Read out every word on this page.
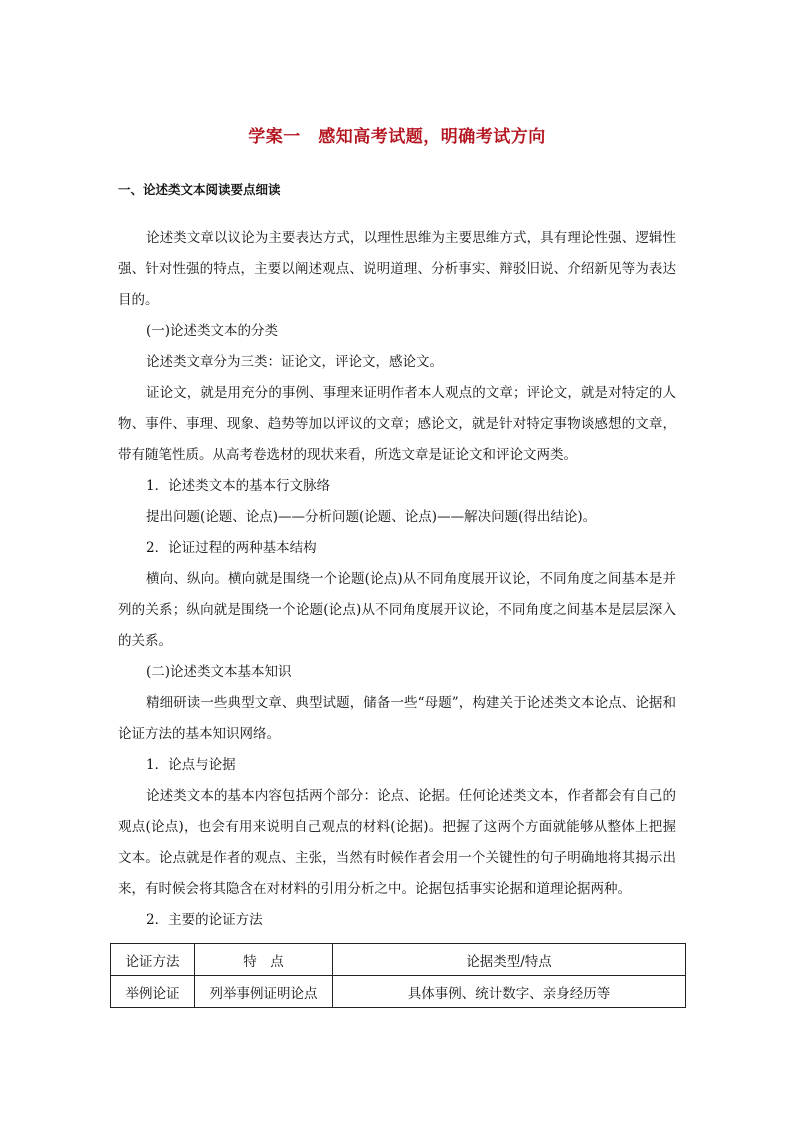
学案一　感知高考试题，明确考试方向
一、论述类文本阅读要点细读

论述类文章以议论为主要表达方式，以理性思维为主要思维方式，具有理论性强、逻辑性强、针对性强的特点，主要以阐述观点、说明道理、分析事实、辩驳旧说、介绍新见等为表达目的。

(一)论述类文本的分类

论述类文章分为三类：证论文，评论文，感论文。

证论文，就是用充分的事例、事理来证明作者本人观点的文章；评论文，就是对特定的人物、事件、事理、现象、趋势等加以评议的文章；感论文，就是针对特定事物谈感想的文章，带有随笔性质。从高考卷选材的现状来看，所选文章是证论文和评论文两类。

1．论述类文本的基本行文脉络

提出问题(论题、论点)——分析问题(论题、论点)——解决问题(得出结论)。

2．论证过程的两种基本结构

横向、纵向。横向就是围绕一个论题(论点)从不同角度展开议论，不同角度之间基本是并列的关系；纵向就是围绕一个论题(论点)从不同角度展开议论，不同角度之间基本是层层深入的关系。

(二)论述类文本基本知识

精细研读一些典型文章、典型试题，储备一些“母题”，构建关于论述类文本论点、论据和论证方法的基本知识网络。

1．论点与论据

论述类文本的基本内容包括两个部分：论点、论据。任何论述类文本，作者都会有自己的观点(论点)，也会有用来说明自己观点的材料(论据)。把握了这两个方面就能够从整体上把握文本。论点就是作者的观点、主张，当然有时候作者会用一个关键性的句子明确地将其揭示出来，有时候会将其隐含在对材料的引用分析之中。论据包括事实论据和道理论据两种。

2．主要的论证方法

论证方法	特　点	论据类型/特点
举例论证	列举事例证明论点	具体事例、统计数字、亲身经历等
